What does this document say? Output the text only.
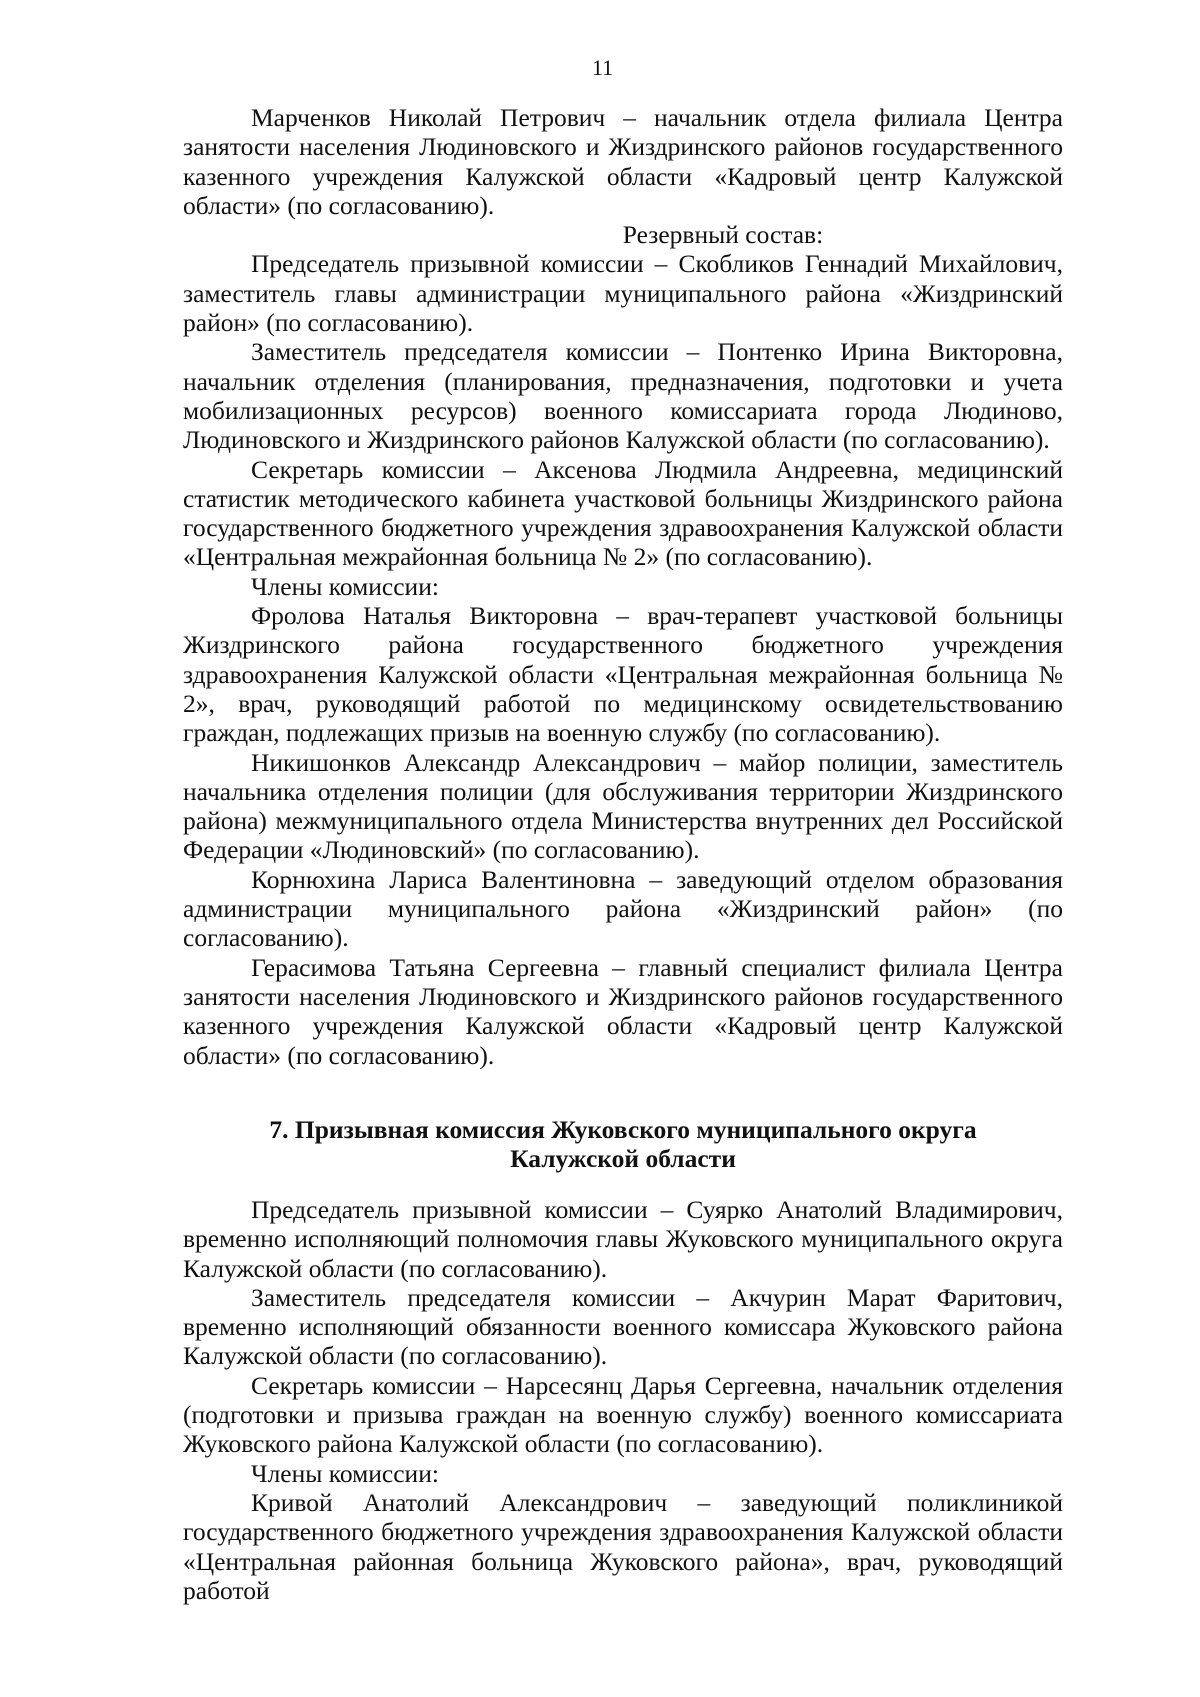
11

Марченков Николай Петрович – начальник отдела филиала Центра занятости населения Людиновского и Жиздринского районов государственного казенного учреждения Калужской области «Кадровый центр Калужской области» (по согласованию).

Резервный состав:

Председатель призывной комиссии – Скобликов Геннадий Михайлович, заместитель главы администрации муниципального района «Жиздринский район» (по согласованию).

Заместитель председателя комиссии – Понтенко Ирина Викторовна, начальник отделения (планирования, предназначения, подготовки и учета мобилизационных ресурсов) военного комиссариата города Людиново, Людиновского и Жиздринского районов Калужской области (по согласованию).

Секретарь комиссии – Аксенова Людмила Андреевна, медицинский статистик методического кабинета участковой больницы Жиздринского района государственного бюджетного учреждения здравоохранения Калужской области «Центральная межрайонная больница № 2» (по согласованию).

Члены комиссии:

Фролова Наталья Викторовна – врач-терапевт участковой больницы Жиздринского района государственного бюджетного учреждения здравоохранения Калужской области «Центральная межрайонная больница № 2», врач, руководящий работой по медицинскому освидетельствованию граждан, подлежащих призыв на военную службу (по согласованию).

Никишонков Александр Александрович – майор полиции, заместитель начальника отделения полиции (для обслуживания территории Жиздринского района) межмуниципального отдела Министерства внутренних дел Российской Федерации «Людиновский» (по согласованию).

Корнюхина Лариса Валентиновна – заведующий отделом образования администрации муниципального района «Жиздринский район» (по согласованию).

Герасимова Татьяна Сергеевна – главный специалист филиала Центра занятости населения Людиновского и Жиздринского районов государственного казенного учреждения Калужской области «Кадровый центр Калужской области» (по согласованию).

7. Призывная комиссия Жуковского муниципального округа
Калужской области

Председатель призывной комиссии – Суярко Анатолий Владимирович, временно исполняющий полномочия главы Жуковского муниципального округа Калужской области (по согласованию).

Заместитель председателя комиссии – Акчурин Марат Фаритович, временно исполняющий обязанности военного комиссара Жуковского района Калужской области (по согласованию).

Секретарь комиссии – Нарсесянц Дарья Сергеевна, начальник отделения (подготовки и призыва граждан на военную службу) военного комиссариата Жуковского района Калужской области (по согласованию).

Члены комиссии:

Кривой Анатолий Александрович – заведующий поликлиникой государственного бюджетного учреждения здравоохранения Калужской области «Центральная районная больница Жуковского района», врач, руководящий работой
